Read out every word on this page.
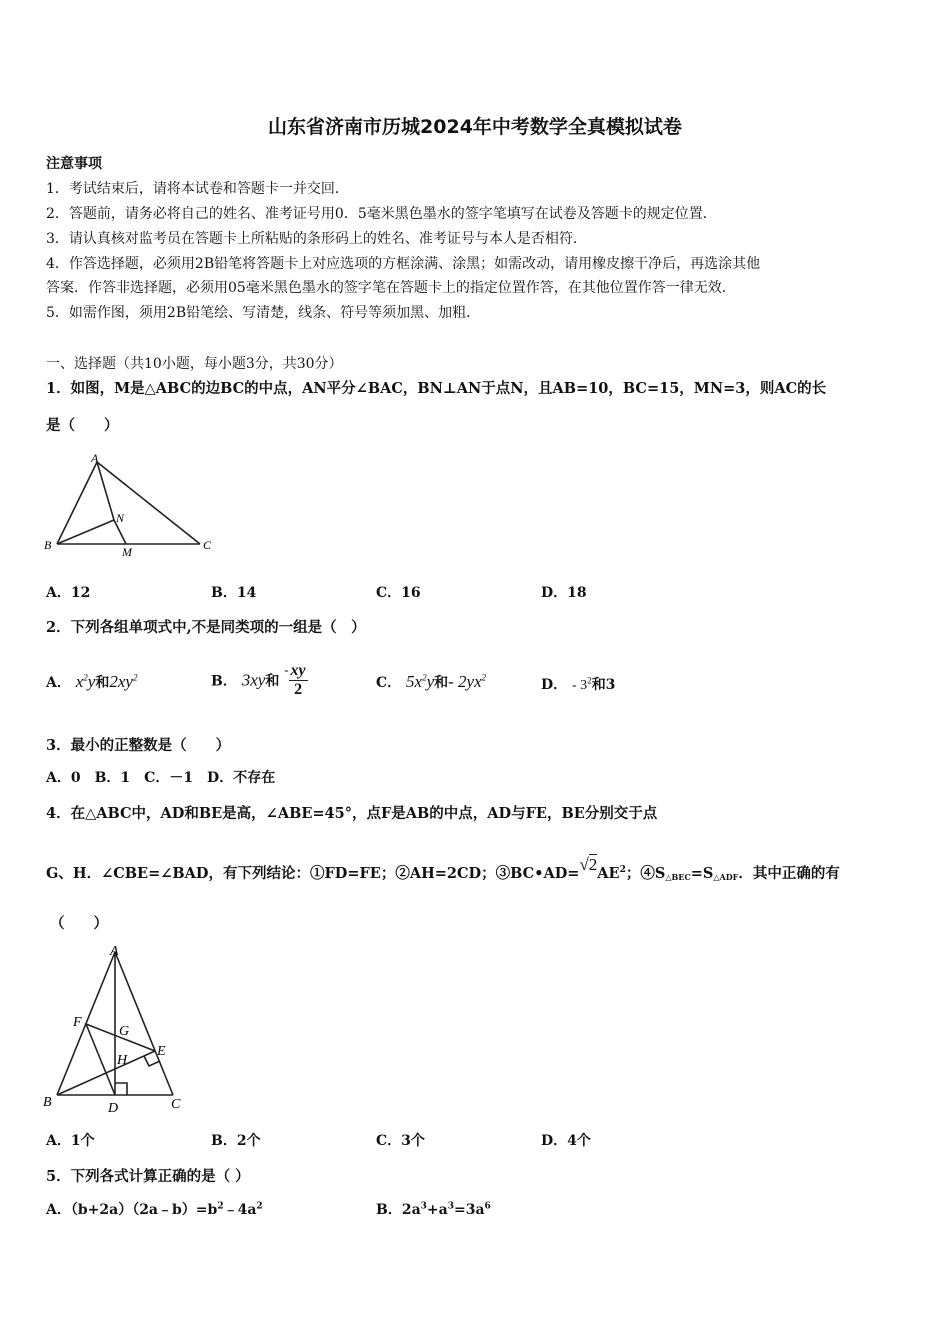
山东省济南市历城2024年中考数学全真模拟试卷
注意事项
1．考试结束后，请将本试卷和答题卡一并交回．
2．答题前，请务必将自己的姓名、准考证号用0．5毫米黑色墨水的签字笔填写在试卷及答题卡的规定位置．
3．请认真核对监考员在答题卡上所粘贴的条形码上的姓名、准考证号与本人是否相符．
4．作答选择题，必须用2B铅笔将答题卡上对应选项的方框涂满、涂黑；如需改动，请用橡皮擦干净后，再选涂其他
答案．作答非选择题，必须用05毫米黑色墨水的签字笔在答题卡上的指定位置作答，在其他位置作答一律无效．
5．如需作图，须用2B铅笔绘、写清楚，线条、符号等须加黑、加粗．
一、选择题（共10小题，每小题3分，共30分）
1．如图，M是△ABC的边BC的中点，AN平分∠BAC，BN⊥AN于点N，且AB=10，BC=15，MN=3，则AC的长
是（　　）
A
N
B	M	C
A．12	B．14	C．16	D．18
2．下列各组单项式中,不是同类项的一组是（　）
A． $x^2y$和$2xy^2$	B． 3xy和 - $\frac{xy}{2}$	C． $5x^2y$和- $2yx^2$	D． - $3^2$和3
3．最小的正整数是（　　）
A．0　B．1　C．－1　D．不存在
4．在△ABC中，AD和BE是高，∠ABE=45°，点F是AB的中点，AD与FE，BE分别交于点
G、H．∠CBE=∠BAD，有下列结论：①FD=FE；②AH=2CD；$③BC•AD=√2AE^2$；$④S_{\triangle BEC}=S_{\triangle ADF}$．其中正确的有
（　　）
A
F
G
H
E
B	D	C
A．1个	B．2个	C．3个	D．4个
5．下列各式计算正确的是（ ）
A．$(b+2a)(2a﹣b)=b^2﹣4a^2$	B．$2a^3+a^3=3a^6$
